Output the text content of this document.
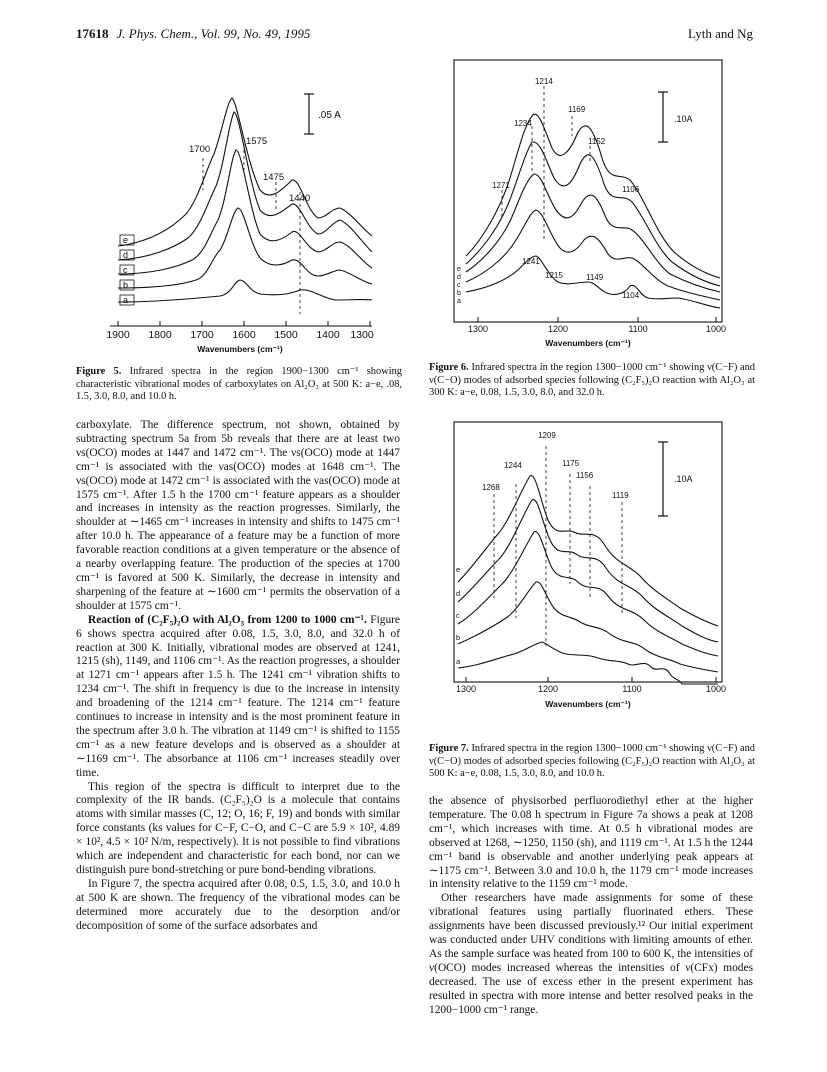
17618 J. Phys. Chem., Vol. 99, No. 49, 1995	Lyth and Ng
.05 A
1700
1575
1475
1440
e
d
c
b
a
1900 1800 1700 1600 1500 1400 1300
Wavenumbers (cm⁻¹)
Figure 5. Infrared spectra in the region 1900−1300 cm⁻¹ showing characteristic vibrational modes of carboxylates on Al₂O₃ at 500 K: a−e, .08, 1.5, 3.0, 8.0, and 10.0 h.
.10A
1214
1234
1169
1152
1271	1106
1241
1215	1149
1104
e
d
c
b
a
1300	1200	1100	1000
Wavenumbers (cm⁻¹)
Figure 6. Infrared spectra in the region 1300−1000 cm⁻¹ showing ν(C−F) and ν(C−O) modes of adsorbed species following (C₂F₅)₂O reaction with Al₂O₃ at 300 K: a−e, 0.08, 1.5, 3.0, 8.0, and 32.0 h.
.10A
1209
1244	1175
1156
1268
1119
e
d
c
b
a
1300	1200	1100	1000
Wavenumbers (cm⁻¹)
Figure 7. Infrared spectra in the region 1300−1000 cm⁻¹ showing ν(C−F) and ν(C−O) modes of adsorbed species following (C₂F₅)₂O reaction with Al₂O₃ at 500 K: a−e, 0.08, 1.5, 3.0, 8.0, and 10.0 h.

carboxylate. The difference spectrum, not shown, obtained by subtracting spectrum 5a from 5b reveals that there are at least two νs(OCO) modes at 1447 and 1472 cm⁻¹. The νs(OCO) mode at 1447 cm⁻¹ is associated with the νas(OCO) modes at 1648 cm⁻¹. The νs(OCO) mode at 1472 cm⁻¹ is associated with the νas(OCO) mode at 1575 cm⁻¹. After 1.5 h the 1700 cm⁻¹ feature appears as a shoulder and increases in intensity as the reaction progresses. Similarly, the shoulder at ∼1465 cm⁻¹ increases in intensity and shifts to 1475 cm⁻¹ after 10.0 h. The appearance of a feature may be a function of more favorable reaction conditions at a given temperature or the absence of a nearby overlapping feature. The production of the species at 1700 cm⁻¹ is favored at 500 K. Similarly, the decrease in intensity and sharpening of the feature at ∼1600 cm⁻¹ permits the observation of a shoulder at 1575 cm⁻¹.

Reaction of (C₂F₅)₂O with Al₂O₃ from 1200 to 1000 cm⁻¹. Figure 6 shows spectra acquired after 0.08, 1.5, 3.0, 8.0, and 32.0 h of reaction at 300 K. Initially, vibrational modes are observed at 1241, 1215 (sh), 1149, and 1106 cm⁻¹. As the reaction progresses, a shoulder at 1271 cm⁻¹ appears after 1.5 h. The 1241 cm⁻¹ vibration shifts to 1234 cm⁻¹. The shift in frequency is due to the increase in intensity and broadening of the 1214 cm⁻¹ feature. The 1214 cm⁻¹ feature continues to increase in intensity and is the most prominent feature in the spectrum after 3.0 h. The vibration at 1149 cm⁻¹ is shifted to 1155 cm⁻¹ as a new feature develops and is observed as a shoulder at ∼1169 cm⁻¹. The absorbance at 1106 cm⁻¹ increases steadily over time.

This region of the spectra is difficult to interpret due to the complexity of the IR bands. (C₂F₅)₂O is a molecule that contains atoms with similar masses (C, 12; O, 16; F, 19) and bonds with similar force constants (ks values for C−F, C−O, and C−C are 5.9 × 10², 4.89 × 10², 4.5 × 10² N/m, respectively). It is not possible to find vibrations which are independent and characteristic for each bond, nor can we distinguish pure bond-stretching or pure bond-bending vibrations.

In Figure 7, the spectra acquired after 0.08, 0.5, 1.5, 3.0, and 10.0 h at 500 K are shown. The frequency of the vibrational modes can be determined more accurately due to the desorption and/or decomposition of some of the surface adsorbates and

the absence of physisorbed perfluorodiethyl ether at the higher temperature. The 0.08 h spectrum in Figure 7a shows a peak at 1208 cm⁻¹, which increases with time. At 0.5 h vibrational modes are observed at 1268, ∼1250, 1150 (sh), and 1119 cm⁻¹. At 1.5 h the 1244 cm⁻¹ band is observable and another underlying peak appears at ∼1175 cm⁻¹. Between 3.0 and 10.0 h, the 1179 cm⁻¹ mode increases in intensity relative to the 1159 cm⁻¹ mode.

Other researchers have made assignments for some of these vibrational features using partially fluorinated ethers. These assignments have been discussed previously.¹² Our initial experiment was conducted under UHV conditions with limiting amounts of ether. As the sample surface was heated from 100 to 600 K, the intensities of ν(OCO) modes increased whereas the intensities of ν(CFx) modes decreased. The use of excess ether in the present experiment has resulted in spectra with more intense and better resolved peaks in the 1200−1000 cm⁻¹ range.
